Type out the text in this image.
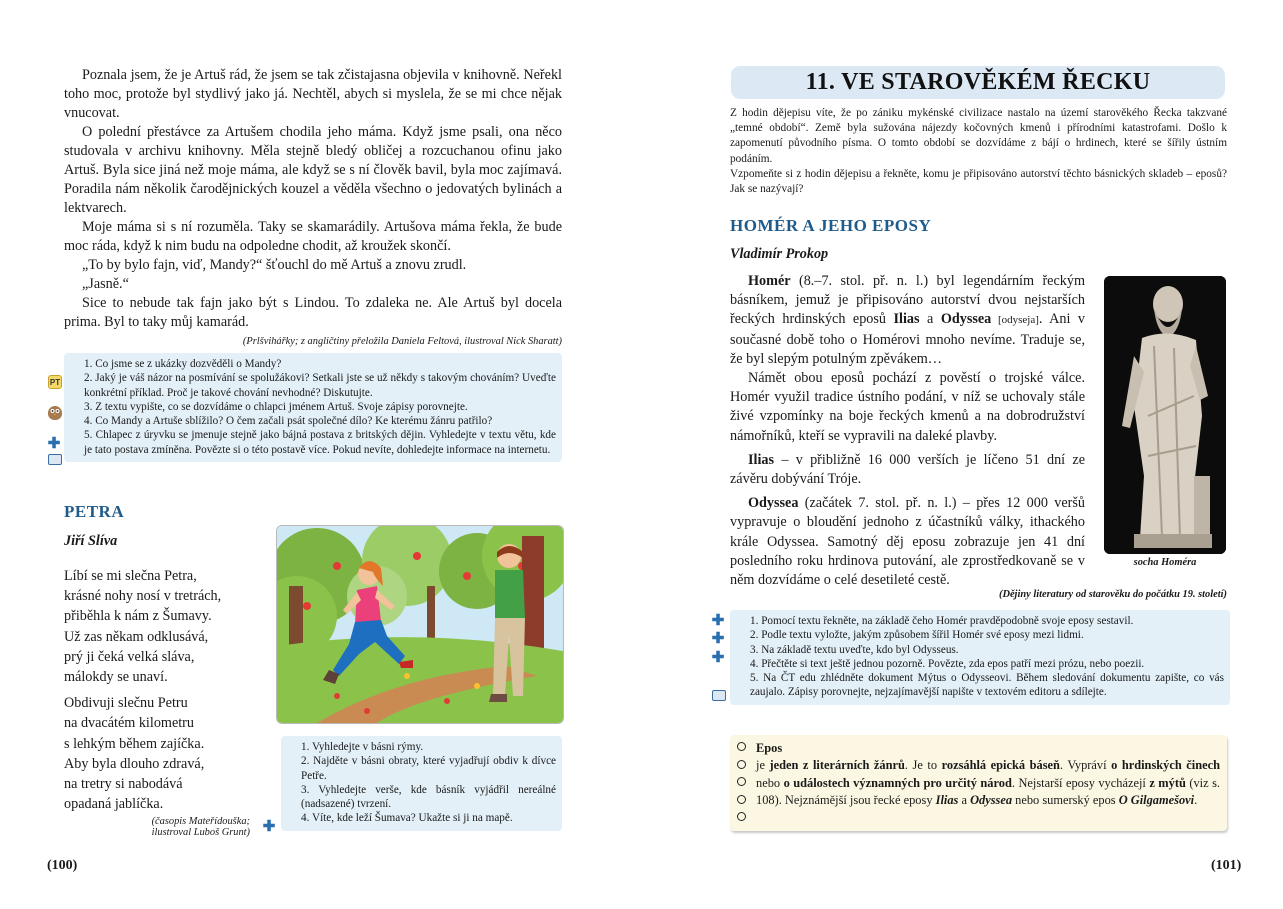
Poznala jsem, že je Artuš rád, že jsem se tak zčistajasna objevila v knihovně. Neřekl toho moc, protože byl stydlivý jako já. Nechtěl, abych si myslela, že se mi chce nějak vnucovat.

O polední přestávce za Artušem chodila jeho máma. Když jsme psali, ona něco studovala v archivu knihovny. Měla stejně bledý obličej a rozcuchanou ofinu jako Artuš. Byla sice jiná než moje máma, ale když se s ní člověk bavil, byla moc zajímavá. Poradila nám několik čarodějnických kouzel a věděla všechno o jedovatých bylinách a lektvarech.

Moje máma si s ní rozuměla. Taky se skamarádily. Artušova máma řekla, že bude moc ráda, když k nim budu na odpoledne chodit, až kroužek skončí.

„To by bylo fajn, viď, Mandy?“ šťouchl do mě Artuš a znovu zrudl.

„Jasně.“

Sice to nebude tak fajn jako být s Lindou. To zdaleka ne. Ale Artuš byl docela prima. Byl to taky můj kamarád.

(Prlšvihářky; z angličtiny přeložila Daniela Feltová, ilustroval Nick Sharatt)

PT
✚
1. Co jsme se z ukázky dozvěděli o Mandy?
2. Jaký je váš názor na posmívání se spolužákovi? Setkali jste se už někdy s takovým chováním? Uveďte konkrétní příklad. Proč je takové chování nevhodné? Diskutujte.
3. Z textu vypište, co se dozvídáme o chlapci jménem Artuš. Svoje zápisy porovnejte.
4. Co Mandy a Artuše sblížilo? O čem začali psát společné dílo? Ke kterému žánru patřilo?
5. Chlapec z úryvku se jmenuje stejně jako bájná postava z britských dějin. Vyhledejte v textu větu, kde je tato postava zmíněna. Povězte si o této postavě více. Pokud nevíte, dohledejte informace na internetu.
PETRA
Jiří Slíva
Líbí se mi slečna Petra,
krásné nohy nosí v tretrách,
přiběhla k nám z Šumavy.
Už zas někam odklusává,
prý ji čeká velká sláva,
málokdy se unaví.
Obdivuji slečnu Petru
na dvacátém kilometru
s lehkým během zajíčka.
Aby byla dlouho zdravá,
na tretry si nabodává
opadaná jablíčka.
(časopis Mateřídouška;
ilustroval Luboš Grunt) ✚
1. Vyhledejte v básni rýmy.
2. Najděte v básni obraty, které vyjadřují obdiv k dívce Petře.
3. Vyhledejte verše, kde básník vyjádřil nereálné (nadsazené) tvrzení.
4. Víte, kde leží Šumava? Ukažte si ji na mapě.
(100)
11. VE STAROVĚKÉM ŘECKU

Z hodin dějepisu víte, že po zániku mykénské civilizace nastalo na území starověkého Řecka takzvané „temné období“. Země byla sužována nájezdy kočovných kmenů i přírodními katastrofami. Došlo k zapomenutí původního písma. O tomto období se dozvídáme z bájí o hrdinech, které se šířily ústním podáním.

Vzpomeňte si z hodin dějepisu a řekněte, komu je připisováno autorství těchto básnických skladeb – eposů? Jak se nazývají?

HOMÉR A JEHO EPOSY
Vladimír Prokop

Homér (8.–7. stol. př. n. l.) byl legendárním řeckým básníkem, jemuž je připisováno autorství dvou nejstarších řeckých hrdinských eposů Ilias a Odyssea [odyseja]. Ani v současné době toho o Homérovi mnoho nevíme. Traduje se, že byl slepým potulným zpěvákem…

Námět obou eposů pochází z pověstí o trojské válce. Homér využil tradice ústního podání, v níž se uchovaly stále živé vzpomínky na boje řeckých kmenů a na dobrodružství námořníků, kteří se vypravili na daleké plavby.

Ilias – v přibližně 16 000 verších je líčeno 51 dní ze závěru dobývání Tróje.

Odyssea (začátek 7. stol. př. n. l.) – přes 12 000 veršů vypravuje o bloudění jednoho z účastníků války, ithackého krále Odyssea. Samotný děj eposu zobrazuje jen 41 dní posledního roku hrdinova putování, ale zprostředkovaně se v něm dozvídáme o celé desetileté cestě.

socha Homéra
(Dějiny literatury od starověku do počátku 19. století)
✚
✚
✚
1. Pomocí textu řekněte, na základě čeho Homér pravděpodobně svoje eposy sestavil.
2. Podle textu vyložte, jakým způsobem šířil Homér své eposy mezi lidmi.
3. Na základě textu uveďte, kdo byl Odysseus.
4. Přečtěte si text ještě jednou pozorně. Povězte, zda epos patří mezi prózu, nebo poezii.
5. Na ČT edu zhlédněte dokument Mýtus o Odysseovi. Během sledování dokumentu zapište, co vás zaujalo. Zápisy porovnejte, nejzajímavější napište v textovém editoru a sdílejte.
Epos
je jeden z literárních žánrů. Je to rozsáhlá epická báseň. Vypráví o hrdinských činech nebo o událostech významných pro určitý národ. Nejstarší eposy vycházejí z mýtů (viz s. 108). Nejznámější jsou řecké eposy Ilias a Odyssea nebo sumerský epos O Gilgamešovi.
(101)
